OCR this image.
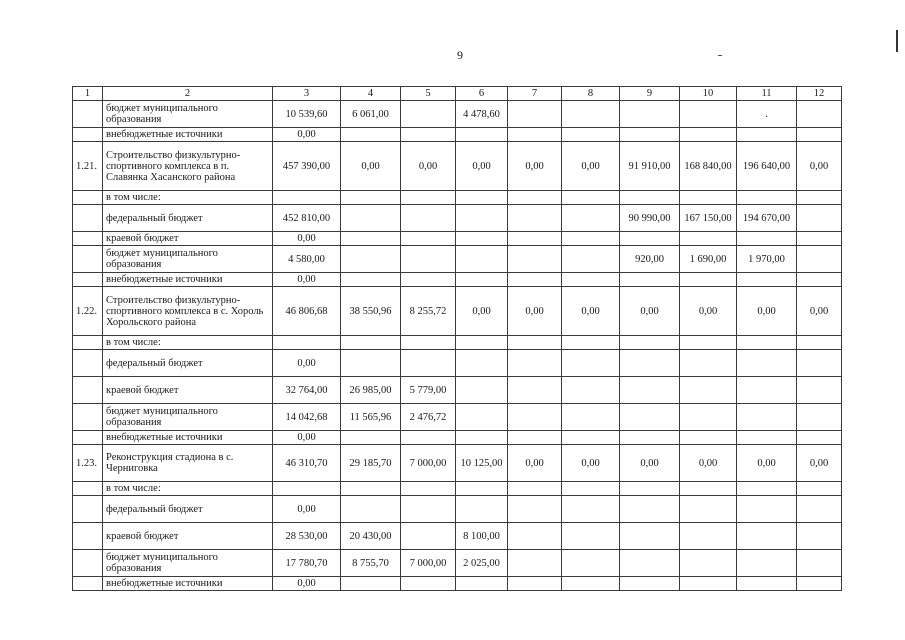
9
1	2	3	4	5	6	7	8	9	10	11	12
	бюджет муниципального образования	10 539,60	6 061,00		4 478,60					.	
	внебюджетные источники	0,00									
1.21.	Строительство физкультурно-спортивного комплекса в п. Славянка Хасанского района	457 390,00	0,00	0,00	0,00	0,00	0,00	91 910,00	168 840,00	196 640,00	0,00
	в том числе:										
	федеральный бюджет	452 810,00						90 990,00	167 150,00	194 670,00	
	краевой бюджет	0,00									
	бюджет муниципального образования	4 580,00						920,00	1 690,00	1 970,00	
	внебюджетные источники	0,00									
1.22.	Строительство физкультурно-спортивного комплекса в с. Хороль Хорольского района	46 806,68	38 550,96	8 255,72	0,00	0,00	0,00	0,00	0,00	0,00	0,00
	в том числе:										
	федеральный бюджет	0,00									
	краевой бюджет	32 764,00	26 985,00	5 779,00							
	бюджет муниципального образования	14 042,68	11 565,96	2 476,72							
	внебюджетные источники	0,00									
1.23.	Реконструкция стадиона в с. Черниговка	46 310,70	29 185,70	7 000,00	10 125,00	0,00	0,00	0,00	0,00	0,00	0,00
	в том числе:										
	федеральный бюджет	0,00									
	краевой бюджет	28 530,00	20 430,00		8 100,00						
	бюджет муниципального образования	17 780,70	8 755,70	7 000,00	2 025,00						
	внебюджетные источники	0,00									
